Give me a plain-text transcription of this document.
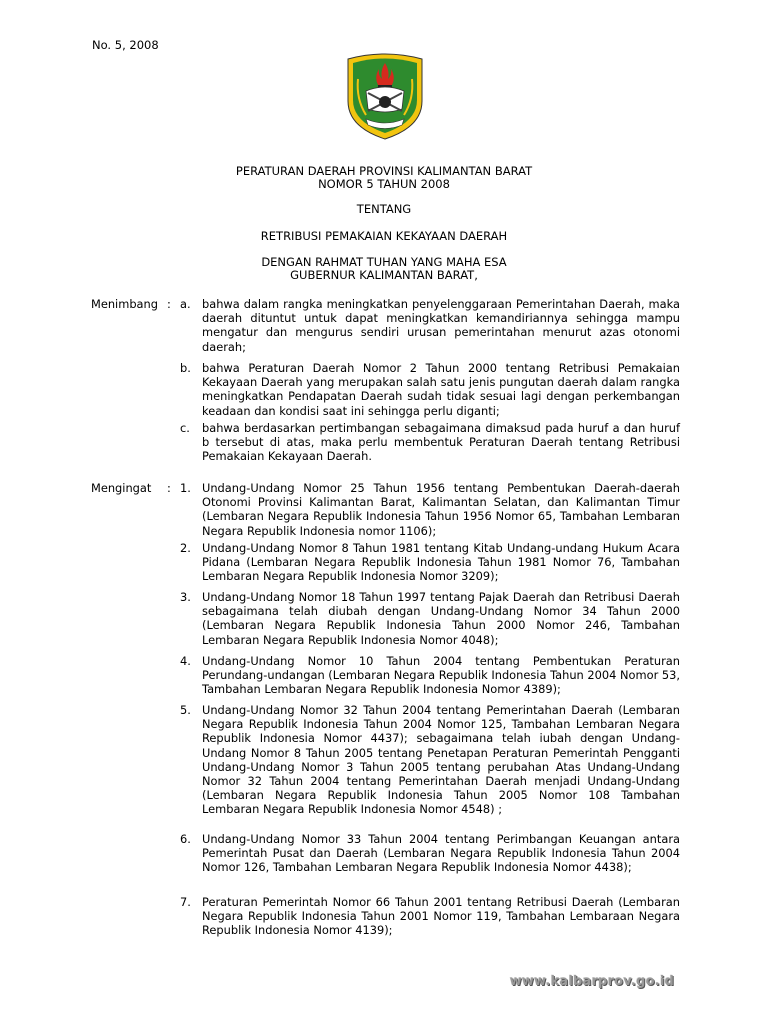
No. 5, 2008
PERATURAN DAERAH PROVINSI KALIMANTAN BARAT
NOMOR 5 TAHUN 2008
TENTANG
RETRIBUSI PEMAKAIAN KEKAYAAN DAERAH
DENGAN RAHMAT TUHAN YANG MAHA ESA
GUBERNUR KALIMANTAN BARAT,
Menimbang : a. bahwa dalam rangka meningkatkan penyelenggaraan Pemerintahan Daerah, maka daerah dituntut untuk dapat meningkatkan kemandiriannya sehingga mampu mengatur dan mengurus sendiri urusan pemerintahan menurut azas otonomi daerah;
b. bahwa Peraturan Daerah Nomor 2 Tahun 2000 tentang Retribusi Pemakaian Kekayaan Daerah yang merupakan salah satu jenis pungutan daerah dalam rangka meningkatkan Pendapatan Daerah sudah tidak sesuai lagi dengan perkembangan keadaan dan kondisi saat ini sehingga perlu diganti;
c. bahwa berdasarkan pertimbangan sebagaimana dimaksud pada huruf a dan huruf b tersebut di atas, maka perlu membentuk Peraturan Daerah tentang Retribusi Pemakaian Kekayaan Daerah.
Mengingat	: 1. Undang-Undang Nomor 25 Tahun 1956 tentang Pembentukan Daerah-daerah Otonomi Provinsi Kalimantan Barat, Kalimantan Selatan, dan Kalimantan Timur (Lembaran Negara Republik Indonesia Tahun 1956 Nomor 65, Tambahan Lembaran Negara Republik Indonesia nomor 1106);
2. Undang-Undang Nomor 8 Tahun 1981 tentang Kitab Undang-undang Hukum Acara Pidana (Lembaran Negara Republik Indonesia Tahun 1981 Nomor 76, Tambahan Lembaran Negara Republik Indonesia Nomor 3209);
3. Undang-Undang Nomor 18 Tahun 1997 tentang Pajak Daerah dan Retribusi Daerah sebagaimana telah diubah dengan Undang-Undang Nomor 34 Tahun 2000 (Lembaran Negara Republik Indonesia Tahun 2000 Nomor 246, Tambahan Lembaran Negara Republik Indonesia Nomor 4048);
4. Undang-Undang Nomor 10 Tahun 2004 tentang Pembentukan Peraturan Perundang-undangan (Lembaran Negara Republik Indonesia Tahun 2004 Nomor 53, Tambahan Lembaran Negara Republik Indonesia Nomor 4389);
5. Undang-Undang Nomor 32 Tahun 2004 tentang Pemerintahan Daerah (Lembaran Negara Republik Indonesia Tahun 2004 Nomor 125, Tambahan Lembaran Negara Republik Indonesia Nomor 4437); sebagaimana telah iubah dengan Undang-Undang Nomor 8 Tahun 2005 tentang Penetapan Peraturan Pemerintah Pengganti Undang-Undang Nomor 3 Tahun 2005 tentang perubahan Atas Undang-Undang Nomor 32 Tahun 2004 tentang Pemerintahan Daerah menjadi Undang-Undang (Lembaran Negara Republik Indonesia Tahun 2005 Nomor 108 Tambahan Lembaran Negara Republik Indonesia Nomor 4548) ;
6. Undang-Undang Nomor 33 Tahun 2004 tentang Perimbangan Keuangan antara Pemerintah Pusat dan Daerah (Lembaran Negara Republik Indonesia Tahun 2004 Nomor 126, Tambahan Lembaran Negara Republik Indonesia Nomor 4438);
7. Peraturan Pemerintah Nomor 66 Tahun 2001 tentang Retribusi Daerah (Lembaran Negara Republik Indonesia Tahun 2001 Nomor 119, Tambahan Lembaraan Negara Republik Indonesia Nomor 4139);
www.kalbarprov.go.id
